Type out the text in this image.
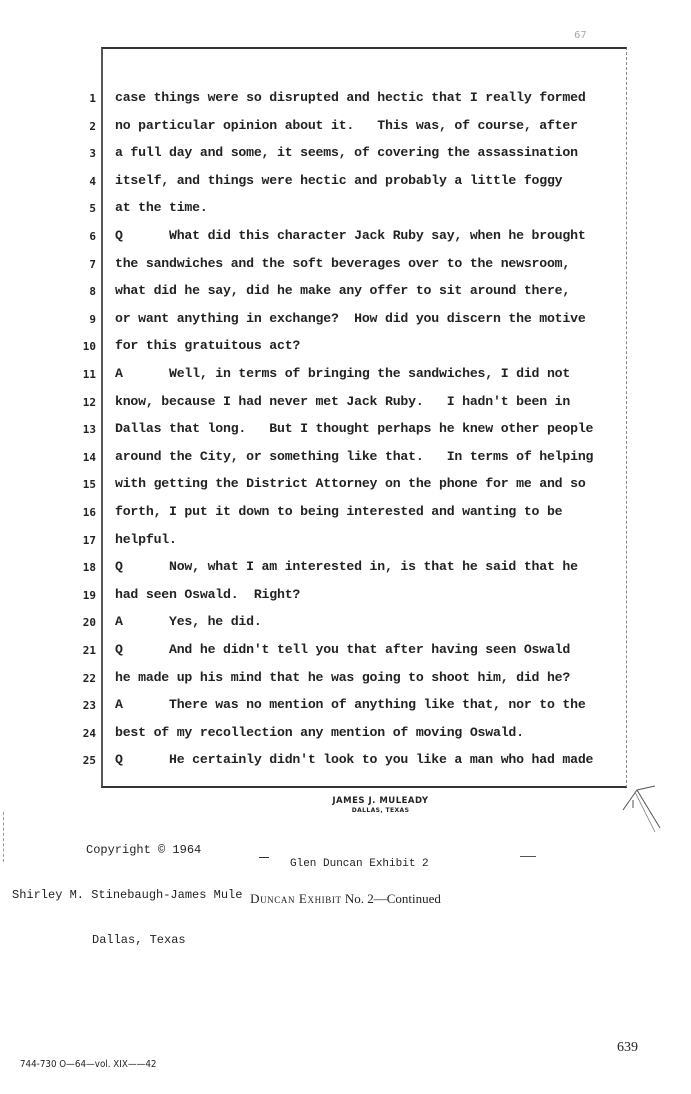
67
1
2
3
4
5
6
7
8
9
10
11
12
13
14
15
16
17
18
19
20
21
22
23
24
25
case things were so disrupted and hectic that I really formed
no particular opinion about it.   This was, of course, after
a full day and some, it seems, of covering the assassination
itself, and things were hectic and probably a little foggy
at the time.
Q      What did this character Jack Ruby say, when he brought
the sandwiches and the soft beverages over to the newsroom,
what did he say, did he make any offer to sit around there,
or want anything in exchange?  How did you discern the motive
for this gratuitous act?
A      Well, in terms of bringing the sandwiches, I did not
know, because I had never met Jack Ruby.   I hadn't been in
Dallas that long.   But I thought perhaps he knew other people
around the City, or something like that.   In terms of helping
with getting the District Attorney on the phone for me and so
forth, I put it down to being interested and wanting to be
helpful.
Q      Now, what I am interested in, is that he said that he
had seen Oswald.  Right?
A      Yes, he did.
Q      And he didn't tell you that after having seen Oswald
he made up his mind that he was going to shoot him, did he?
A      There was no mention of anything like that, nor to the
best of my recollection any mention of moving Oswald.
Q      He certainly didn't look to you like a man who had made
JAMES J. MULEADY
DALLAS, TEXAS

Copyright © 1964

Shirley M. Stinebaugh-James Mule

Dallas, Texas

Glen Duncan Exhibit 2
Duncan Exhibit No. 2—Continued
639
744-730 O—64—vol. XIX——42
